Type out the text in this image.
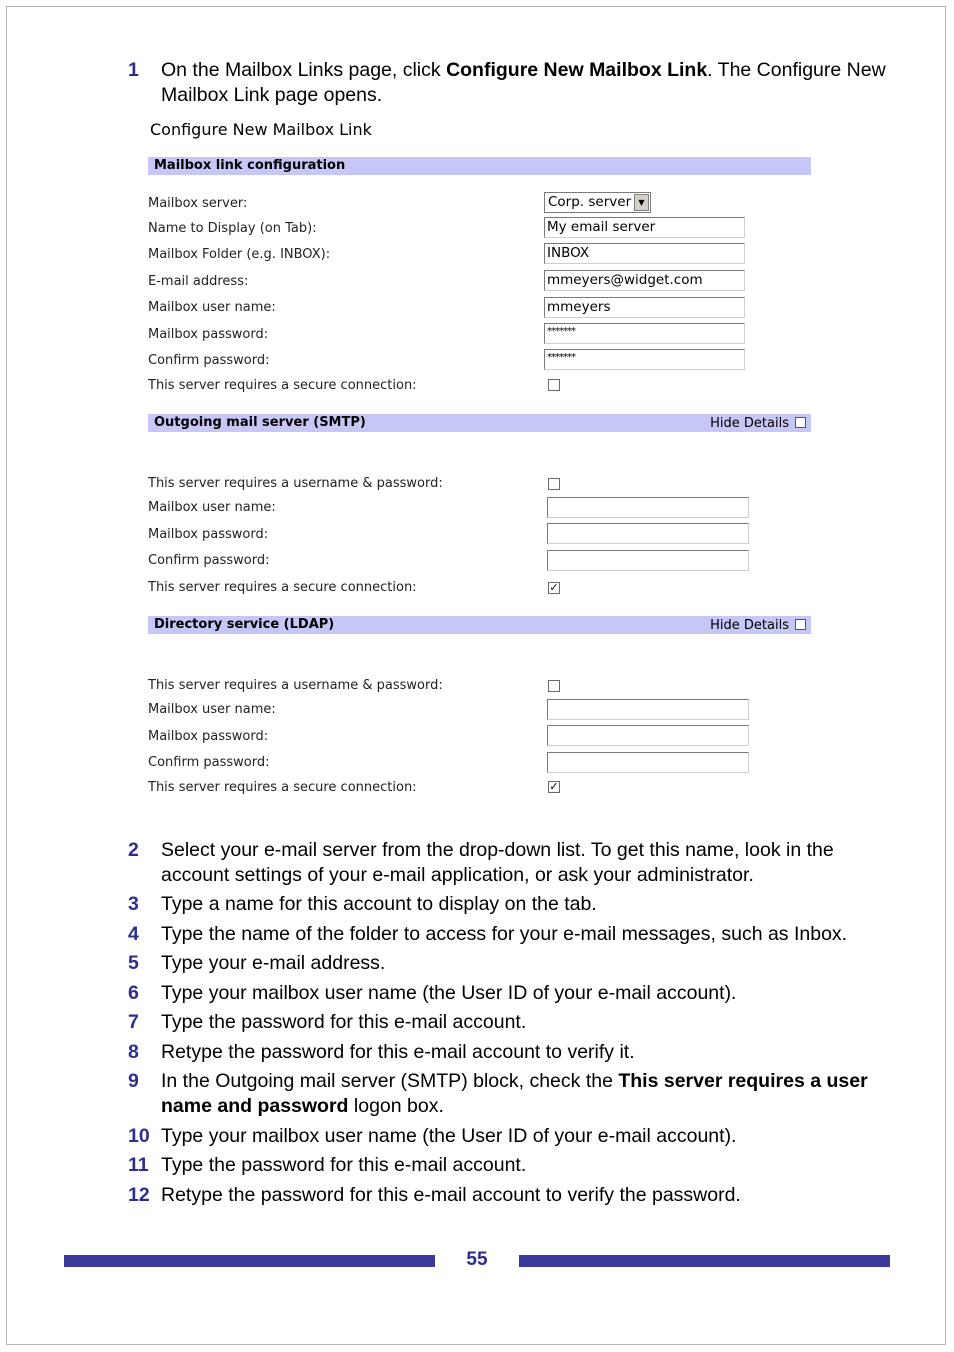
1 On the Mailbox Links page, click Configure New Mailbox Link. The Configure New Mailbox Link page opens.
Configure New Mailbox Link
Mailbox link configuration
Mailbox server:	Corp. server ▼
Name to Display (on Tab):	My email server
Mailbox Folder (e.g. INBOX):	INBOX
E-mail address:	mmeyers@widget.com
Mailbox user name:	mmeyers
Mailbox password:	*******
Confirm password:	*******
This server requires a secure connection:
Outgoing mail server (SMTP)	Hide Details
This server requires a username & password:
Mailbox user name:
Mailbox password:
Confirm password:
This server requires a secure connection:	✓
Directory service (LDAP)	Hide Details
This server requires a username & password:
Mailbox user name:
Mailbox password:
Confirm password:
This server requires a secure connection:	✓
2 Select your e-mail server from the drop-down list. To get this name, look in the account settings of your e-mail application, or ask your administrator.
3 Type a name for this account to display on the tab.
4 Type the name of the folder to access for your e-mail messages, such as Inbox.
5 Type your e-mail address.
6 Type your mailbox user name (the User ID of your e-mail account).
7 Type the password for this e-mail account.
8 Retype the password for this e-mail account to verify it.
9 In the Outgoing mail server (SMTP) block, check the This server requires a user name and password logon box.
10 Type your mailbox user name (the User ID of your e-mail account).
11 Type the password for this e-mail account.
12 Retype the password for this e-mail account to verify the password.
55
